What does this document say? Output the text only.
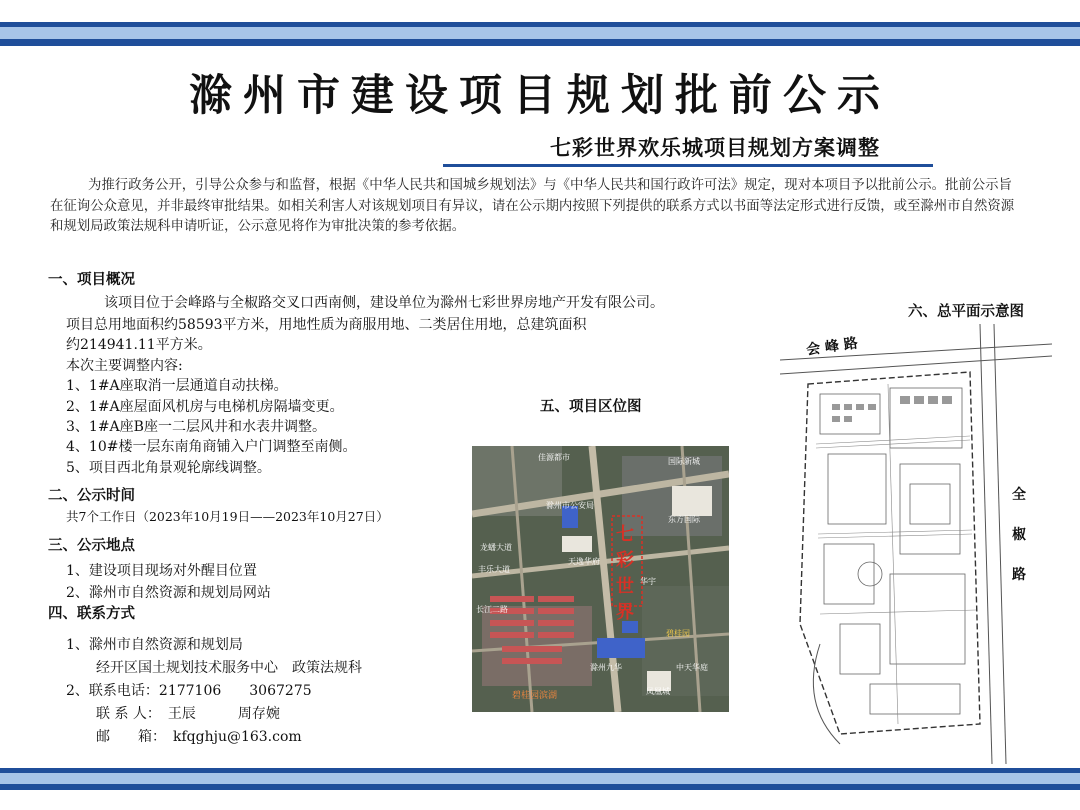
滁州市建设项目规划批前公示
七彩世界欢乐城项目规划方案调整

为推行政务公开，引导公众参与和监督，根据《中华人民共和国城乡规划法》与《中华人民共和国行政许可法》规定，现对本项目予以批前公示。批前公示旨在征询公众意见，并非最终审批结果。如相关利害人对该规划项目有异议，请在公示期内按照下列提供的联系方式以书面等法定形式进行反馈，或至滁州市自然资源和规划局政策法规科申请听证，公示意见将作为审批决策的参考依据。

一、项目概况
该项目位于会峰路与全椒路交叉口西南侧，建设单位为滁州七彩世界房地产开发有限公司。
项目总用地面积约58593平方米，用地性质为商服用地、二类居住用地，总建筑面积
约214941.11平方米。
本次主要调整内容:
1、1#A座取消一层通道自动扶梯。
2、1#A座屋面风机房与电梯机房隔墙变更。
3、1#A座B座一二层风井和水表井调整。
4、10#楼一层东南角商铺入户门调整至南侧。
5、项目西北角景观轮廓线调整。
二、公示时间
共7个工作日（2023年10月19日——2023年10月27日）
三、公示地点
1、建设项目现场对外醒目位置
2、滁州市自然资源和规划局网站
四、联系方式
1、滁州市自然资源和规划局
经开区国土规划技术服务中心　政策法规科
2、联系电话：2177106　　3067275
联 系 人：　王辰　　　周存婉
邮　　箱：　kfqghju@163.com
五、项目区位图
七彩世界
佳源都市	国际新城
滁州市公安局
东方国际
长江二路
丰乐大道
天逸华府
碧桂园
华宇
龙蟠大道
滁州九华	中天华庭
碧桂园滨湖	凤凰城
六、总平面示意图
会 峰 路
全
椒
路
